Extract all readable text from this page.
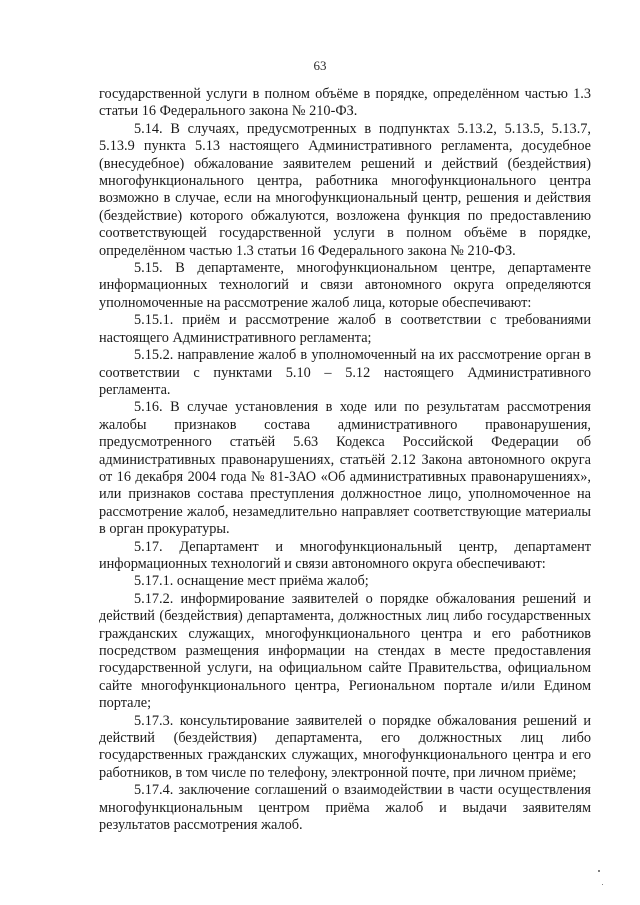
63

государственной услуги в полном объёме в порядке, определённом частью 1.3 статьи 16 Федерального закона № 210-ФЗ.

5.14. В случаях, предусмотренных в подпунктах 5.13.2, 5.13.5, 5.13.7, 5.13.9 пункта 5.13 настоящего Административного регламента, досудебное (внесудебное) обжалование заявителем решений и действий (бездействия) многофункционального центра, работника многофункционального центра возможно в случае, если на многофункциональный центр, решения и действия (бездействие) которого обжалуются, возложена функция по предоставлению соответствующей государственной услуги в полном объёме в порядке, определённом частью 1.3 статьи 16 Федерального закона № 210-ФЗ.

5.15. В департаменте, многофункциональном центре, департаменте информационных технологий и связи автономного округа определяются уполномоченные на рассмотрение жалоб лица, которые обеспечивают:

5.15.1. приём и рассмотрение жалоб в соответствии с требованиями настоящего Административного регламента;

5.15.2. направление жалоб в уполномоченный на их рассмотрение орган в соответствии с пунктами 5.10 – 5.12 настоящего Административного регламента.

5.16. В случае установления в ходе или по результатам рассмотрения жалобы признаков состава административного правонарушения, предусмотренного статьёй 5.63 Кодекса Российской Федерации об административных правонарушениях, статьёй 2.12 Закона автономного округа от 16 декабря 2004 года № 81-ЗАО «Об административных правонарушениях», или признаков состава преступления должностное лицо, уполномоченное на рассмотрение жалоб, незамедлительно направляет соответствующие материалы в орган прокуратуры.

5.17. Департамент и многофункциональный центр, департамент информационных технологий и связи автономного округа обеспечивают:

5.17.1. оснащение мест приёма жалоб;

5.17.2. информирование заявителей о порядке обжалования решений и действий (бездействия) департамента, должностных лиц либо государственных гражданских служащих, многофункционального центра и его работников посредством размещения информации на стендах в месте предоставления государственной услуги, на официальном сайте Правительства, официальном сайте многофункционального центра, Региональном портале и/или Едином портале;

5.17.3. консультирование заявителей о порядке обжалования решений и действий (бездействия) департамента, его должностных лиц либо государственных гражданских служащих, многофункционального центра и его работников, в том числе по телефону, электронной почте, при личном приёме;

5.17.4. заключение соглашений о взаимодействии в части осуществления многофункциональным центром приёма жалоб и выдачи заявителям результатов рассмотрения жалоб.
